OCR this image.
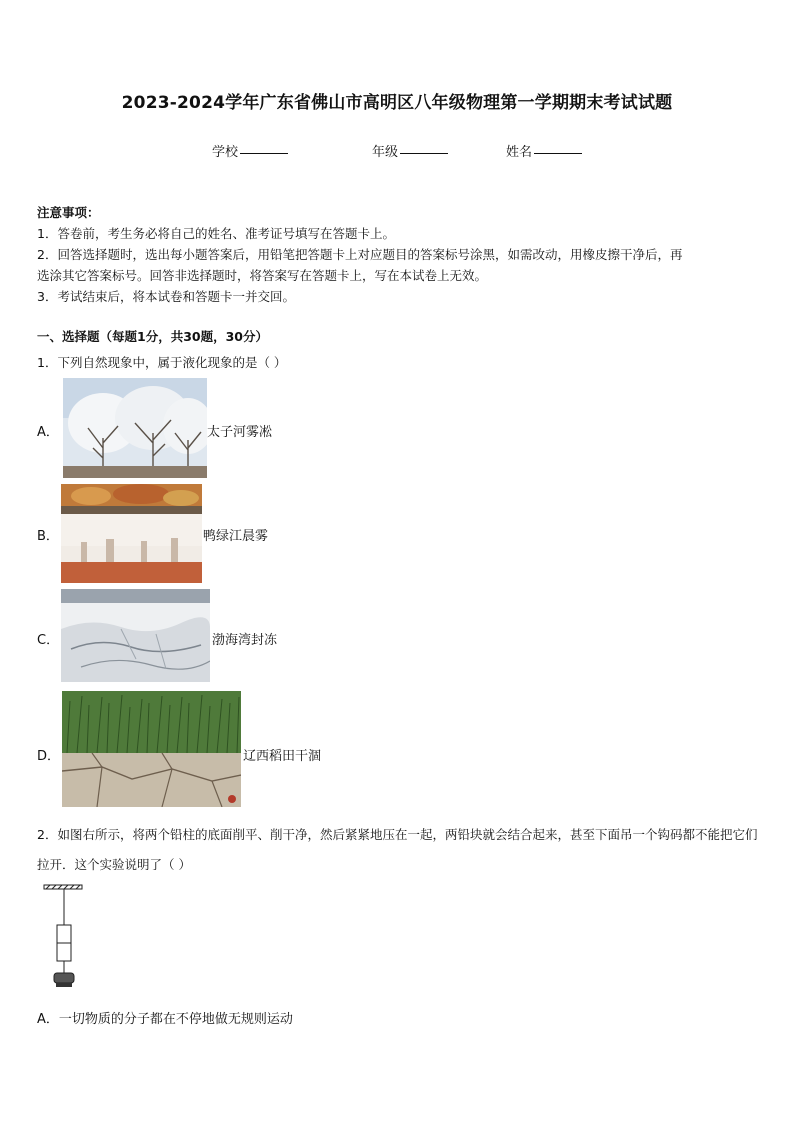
2023-2024学年广东省佛山市高明区八年级物理第一学期期末考试试题
学校	年级	姓名

注意事项：

1．答卷前，考生务必将自己的姓名、准考证号填写在答题卡上。

2．回答选择题时，选出每小题答案后，用铅笔把答题卡上对应题目的答案标号涂黑，如需改动，用橡皮擦干净后，再

选涂其它答案标号。回答非选择题时，将答案写在答题卡上，写在本试卷上无效。

3．考试结束后，将本试卷和答题卡一并交回。

一、选择题（每题1分，共30题，30分）
1．下列自然现象中，属于液化现象的是（ ）
A．	太子河雾凇
B．	鸭绿江晨雾
C．	渤海湾封冻
D．	辽西稻田干涸
2．如图右所示，将两个铅柱的底面削平、削干净，然后紧紧地压在一起，两铅块就会结合起来，甚至下面吊一个钩码都不能把它们拉开．这个实验说明了（ ）
A．一切物质的分子都在不停地做无规则运动
